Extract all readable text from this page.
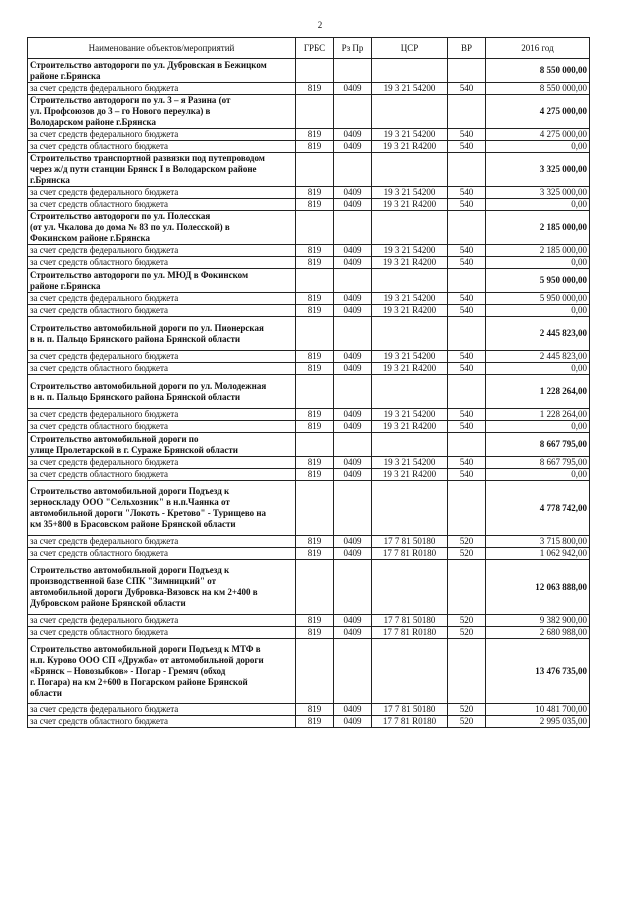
2
Наименование объектов/мероприятий	ГРБС	Рз Пр	ЦСР	ВР	2016 год
Строительство автодороги по ул. Дубровская в Бежицком
районе г.Брянска					8 550 000,00
за счет средств федерального бюджета	819	0409	19 3 21 54200	540	8 550 000,00
Строительство автодороги по ул. 3 – я Разина (от
ул. Профсоюзов до 3 – го Нового переулка) в
Володарском районе г.Брянска					4 275 000,00
за счет средств федерального бюджета	819	0409	19 3 21 54200	540	4 275 000,00
за счет средств областного бюджета	819	0409	19 3 21 R4200	540	0,00
Строительство транспортной развязки под путепроводом
через ж/д пути станции Брянск I в Володарском районе
г.Брянска					3 325 000,00
за счет средств федерального бюджета	819	0409	19 3 21 54200	540	3 325 000,00
за счет средств областного бюджета	819	0409	19 3 21 R4200	540	0,00
Строительство автодороги по ул. Полесская
(от ул. Чкалова до дома № 83 по ул. Полесской) в
Фокинском районе г.Брянска					2 185 000,00
за счет средств федерального бюджета	819	0409	19 3 21 54200	540	2 185 000,00
за счет средств областного бюджета	819	0409	19 3 21 R4200	540	0,00
Строительство автодороги по ул. МЮД в Фокинском
районе г.Брянска					5 950 000,00
за счет средств федерального бюджета	819	0409	19 3 21 54200	540	5 950 000,00
за счет средств областного бюджета	819	0409	19 3 21 R4200	540	0,00
Строительство автомобильной дороги по ул. Пионерская
в н. п. Пальцо Брянского района Брянской области					2 445 823,00
за счет средств федерального бюджета	819	0409	19 3 21 54200	540	2 445 823,00
за счет средств областного бюджета	819	0409	19 3 21 R4200	540	0,00
Строительство автомобильной дороги по ул. Молодежная
в н. п. Пальцо Брянского района Брянской области					1 228 264,00
за счет средств федерального бюджета	819	0409	19 3 21 54200	540	1 228 264,00
за счет средств областного бюджета	819	0409	19 3 21 R4200	540	0,00
Строительство автомобильной дороги по
улице Пролетарской в г. Сураже Брянской области					8 667 795,00
за счет средств федерального бюджета	819	0409	19 3 21 54200	540	8 667 795,00
за счет средств областного бюджета	819	0409	19 3 21 R4200	540	0,00
Строительство автомобильной дороги Подъезд к
зерноскладу ООО "Сельхозник" в н.п.Чаянка от
автомобильной дороги "Локоть - Кретово" - Турищево на
км 35+800 в Брасовском районе Брянской области					4 778 742,00
за счет средств федерального бюджета	819	0409	17 7 81 50180	520	3 715 800,00
за счет средств областного бюджета	819	0409	17 7 81 R0180	520	1 062 942,00
Строительство автомобильной дороги Подъезд к
производственной базе СПК "Зимницкий" от
автомобильной дороги Дубровка-Вязовск на км 2+400 в
Дубровском районе Брянской области					12 063 888,00
за счет средств федерального бюджета	819	0409	17 7 81 50180	520	9 382 900,00
за счет средств областного бюджета	819	0409	17 7 81 R0180	520	2 680 988,00
Строительство автомобильной дороги Подъезд к МТФ в
н.п. Курово ООО СП «Дружба» от автомобильной дороги
«Брянск – Новозыбков» - Погар - Гремяч (обход
г. Погара) на км 2+600 в Погарском районе Брянской
области					13 476 735,00
за счет средств федерального бюджета	819	0409	17 7 81 50180	520	10 481 700,00
за счет средств областного бюджета	819	0409	17 7 81 R0180	520	2 995 035,00
